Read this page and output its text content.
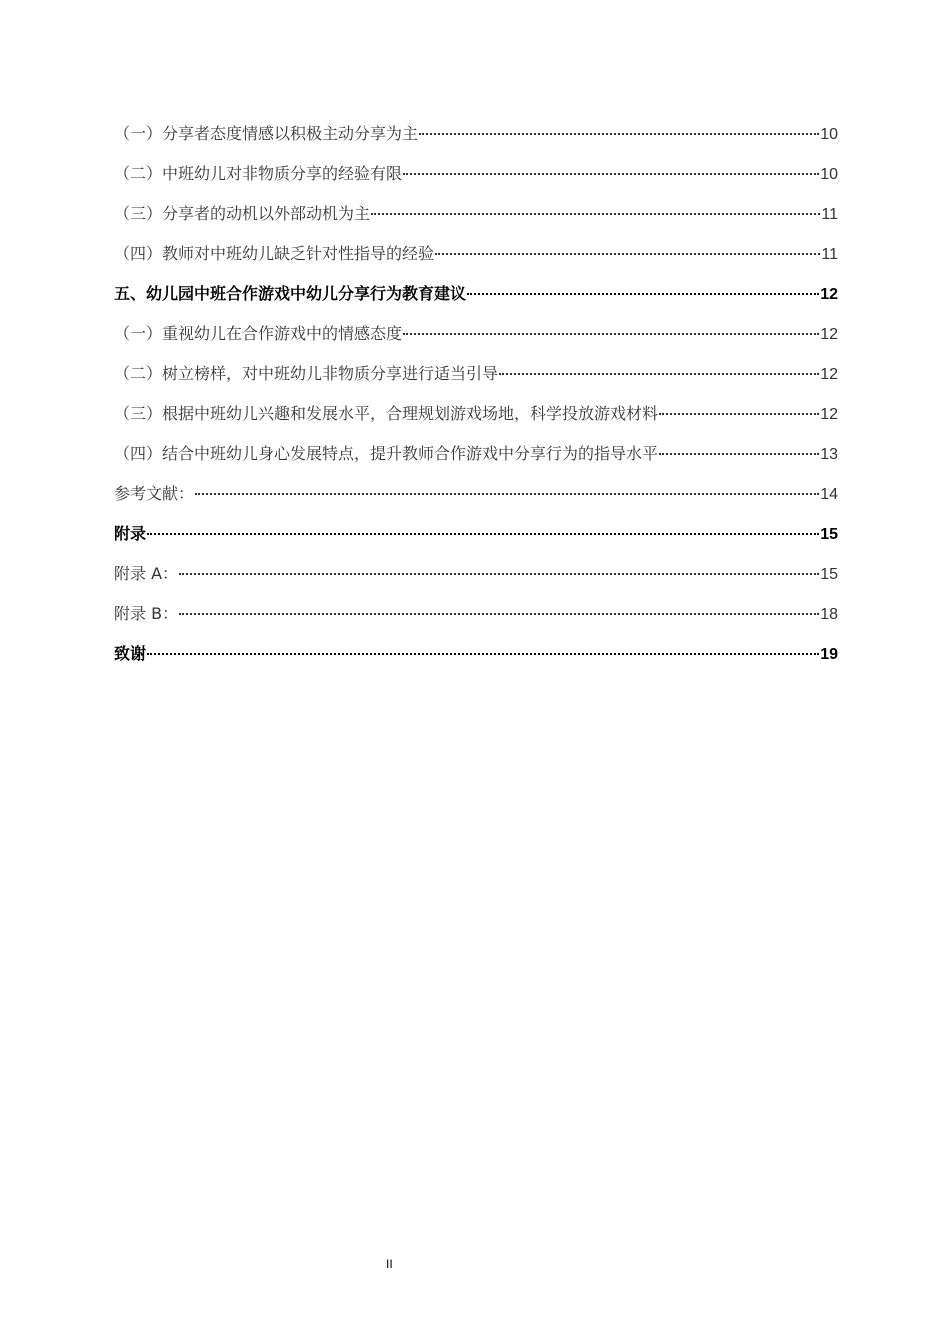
（一）分享者态度情感以积极主动分享为主	10
（二）中班幼儿对非物质分享的经验有限	10
（三）分享者的动机以外部动机为主	11
（四）教师对中班幼儿缺乏针对性指导的经验	11
五、幼儿园中班合作游戏中幼儿分享行为教育建议	12
（一）重视幼儿在合作游戏中的情感态度	12
（二）树立榜样，对中班幼儿非物质分享进行适当引导	12
（三）根据中班幼儿兴趣和发展水平，合理规划游戏场地，科学投放游戏材料	12
（四）结合中班幼儿身心发展特点，提升教师合作游戏中分享行为的指导水平	13
参考文献：	14
附录	15
附录 A：	15
附录 B：	18
致谢	19
II
